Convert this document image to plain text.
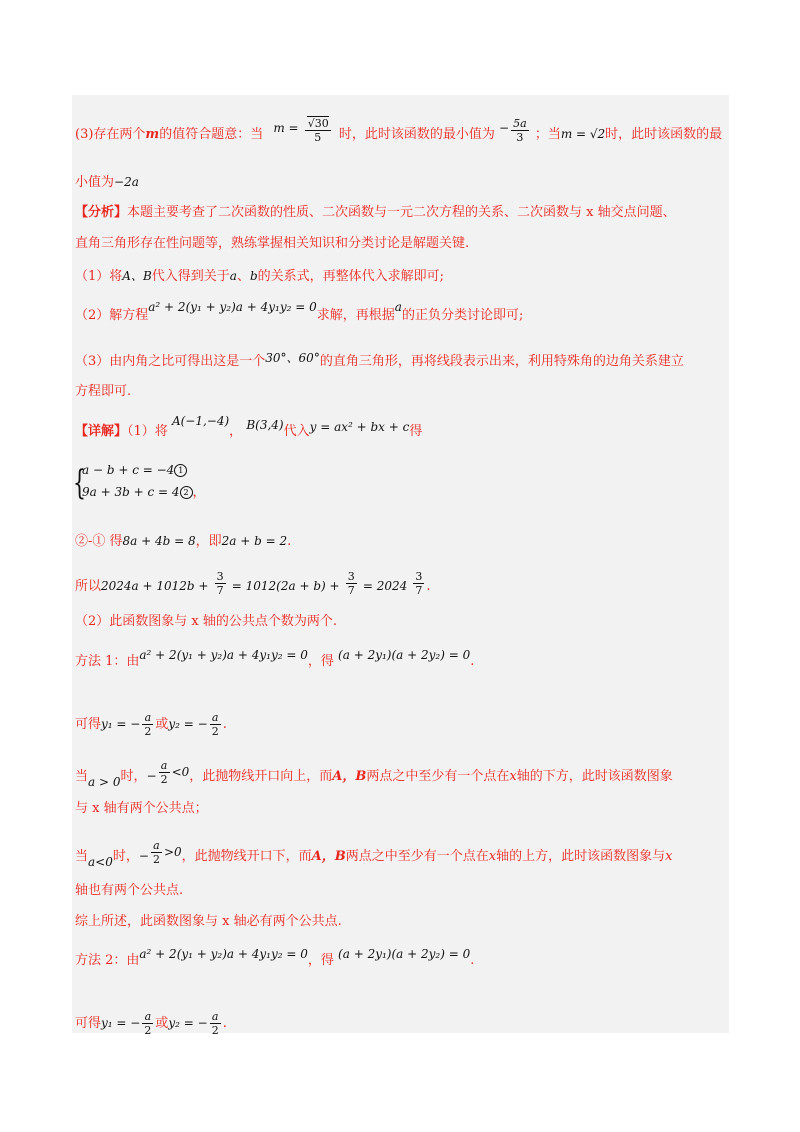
(3)存在两个m的值符合题意：当 $m = \frac{√30}{5}$ 时，此时该函数的最小值为 − $\frac{5a}{3}$ ；当m = √2时，此时该函数的最
小值为−2a
【分析】本题主要考查了二次函数的性质、二次函数与一元二次方程的关系、二次函数与 x 轴交点问题、
直角三角形存在性问题等，熟练掌握相关知识和分类讨论是解题关键.
（1）将A、B代入得到关于a、b的关系式，再整体代入求解即可;
（2）解方程a² + 2(y₁ + y₂)a + 4y₁y₂ = 0求解，再根据a的正负分类讨论即可;
（3）由内角之比可得出这是一个30°、60°的直角三角形，再将线段表示出来，利用特殊角的边角关系建立
方程即可.
【详解】（1）将 A(−1,−4)， B(3,4)代入y = ax² + bx + c得
{
a − b + c = −4 1
9a + 3b + c = 4 2 ，
②-① 得8a + 4b = 8，即2a + b = 2.
所以$2024a + 1012b + \frac{3}{7} = 1012(2a + b) + \frac{3}{7} = 2024 \frac{3}{7}$ .
（2）此函数图象与 x 轴的公共点个数为两个.
方法 1：由a² + 2(y₁ + y₂)a + 4y₁y₂ = 0，得 (a + 2y₁)(a + 2y₂) = 0.
可得y₁ = − $\frac{a}{2}$ 或y₂ = − $\frac{a}{2}$ .
当a > 0时，− $\frac{a}{2} <0$，此抛物线开口向上，而A，B两点之中至少有一个点在x轴的下方，此时该函数图象
与 x 轴有两个公共点；
当a<0时，− $\frac{a}{2} >0$，此抛物线开口下，而A，B两点之中至少有一个点在x轴的上方，此时该函数图象与x
轴也有两个公共点.
综上所述，此函数图象与 x 轴必有两个公共点.
方法 2：由a² + 2(y₁ + y₂)a + 4y₁y₂ = 0，得 (a + 2y₁)(a + 2y₂) = 0.
可得y₁ = − $\frac{a}{2}$ 或y₂ = − $\frac{a}{2}$ .
